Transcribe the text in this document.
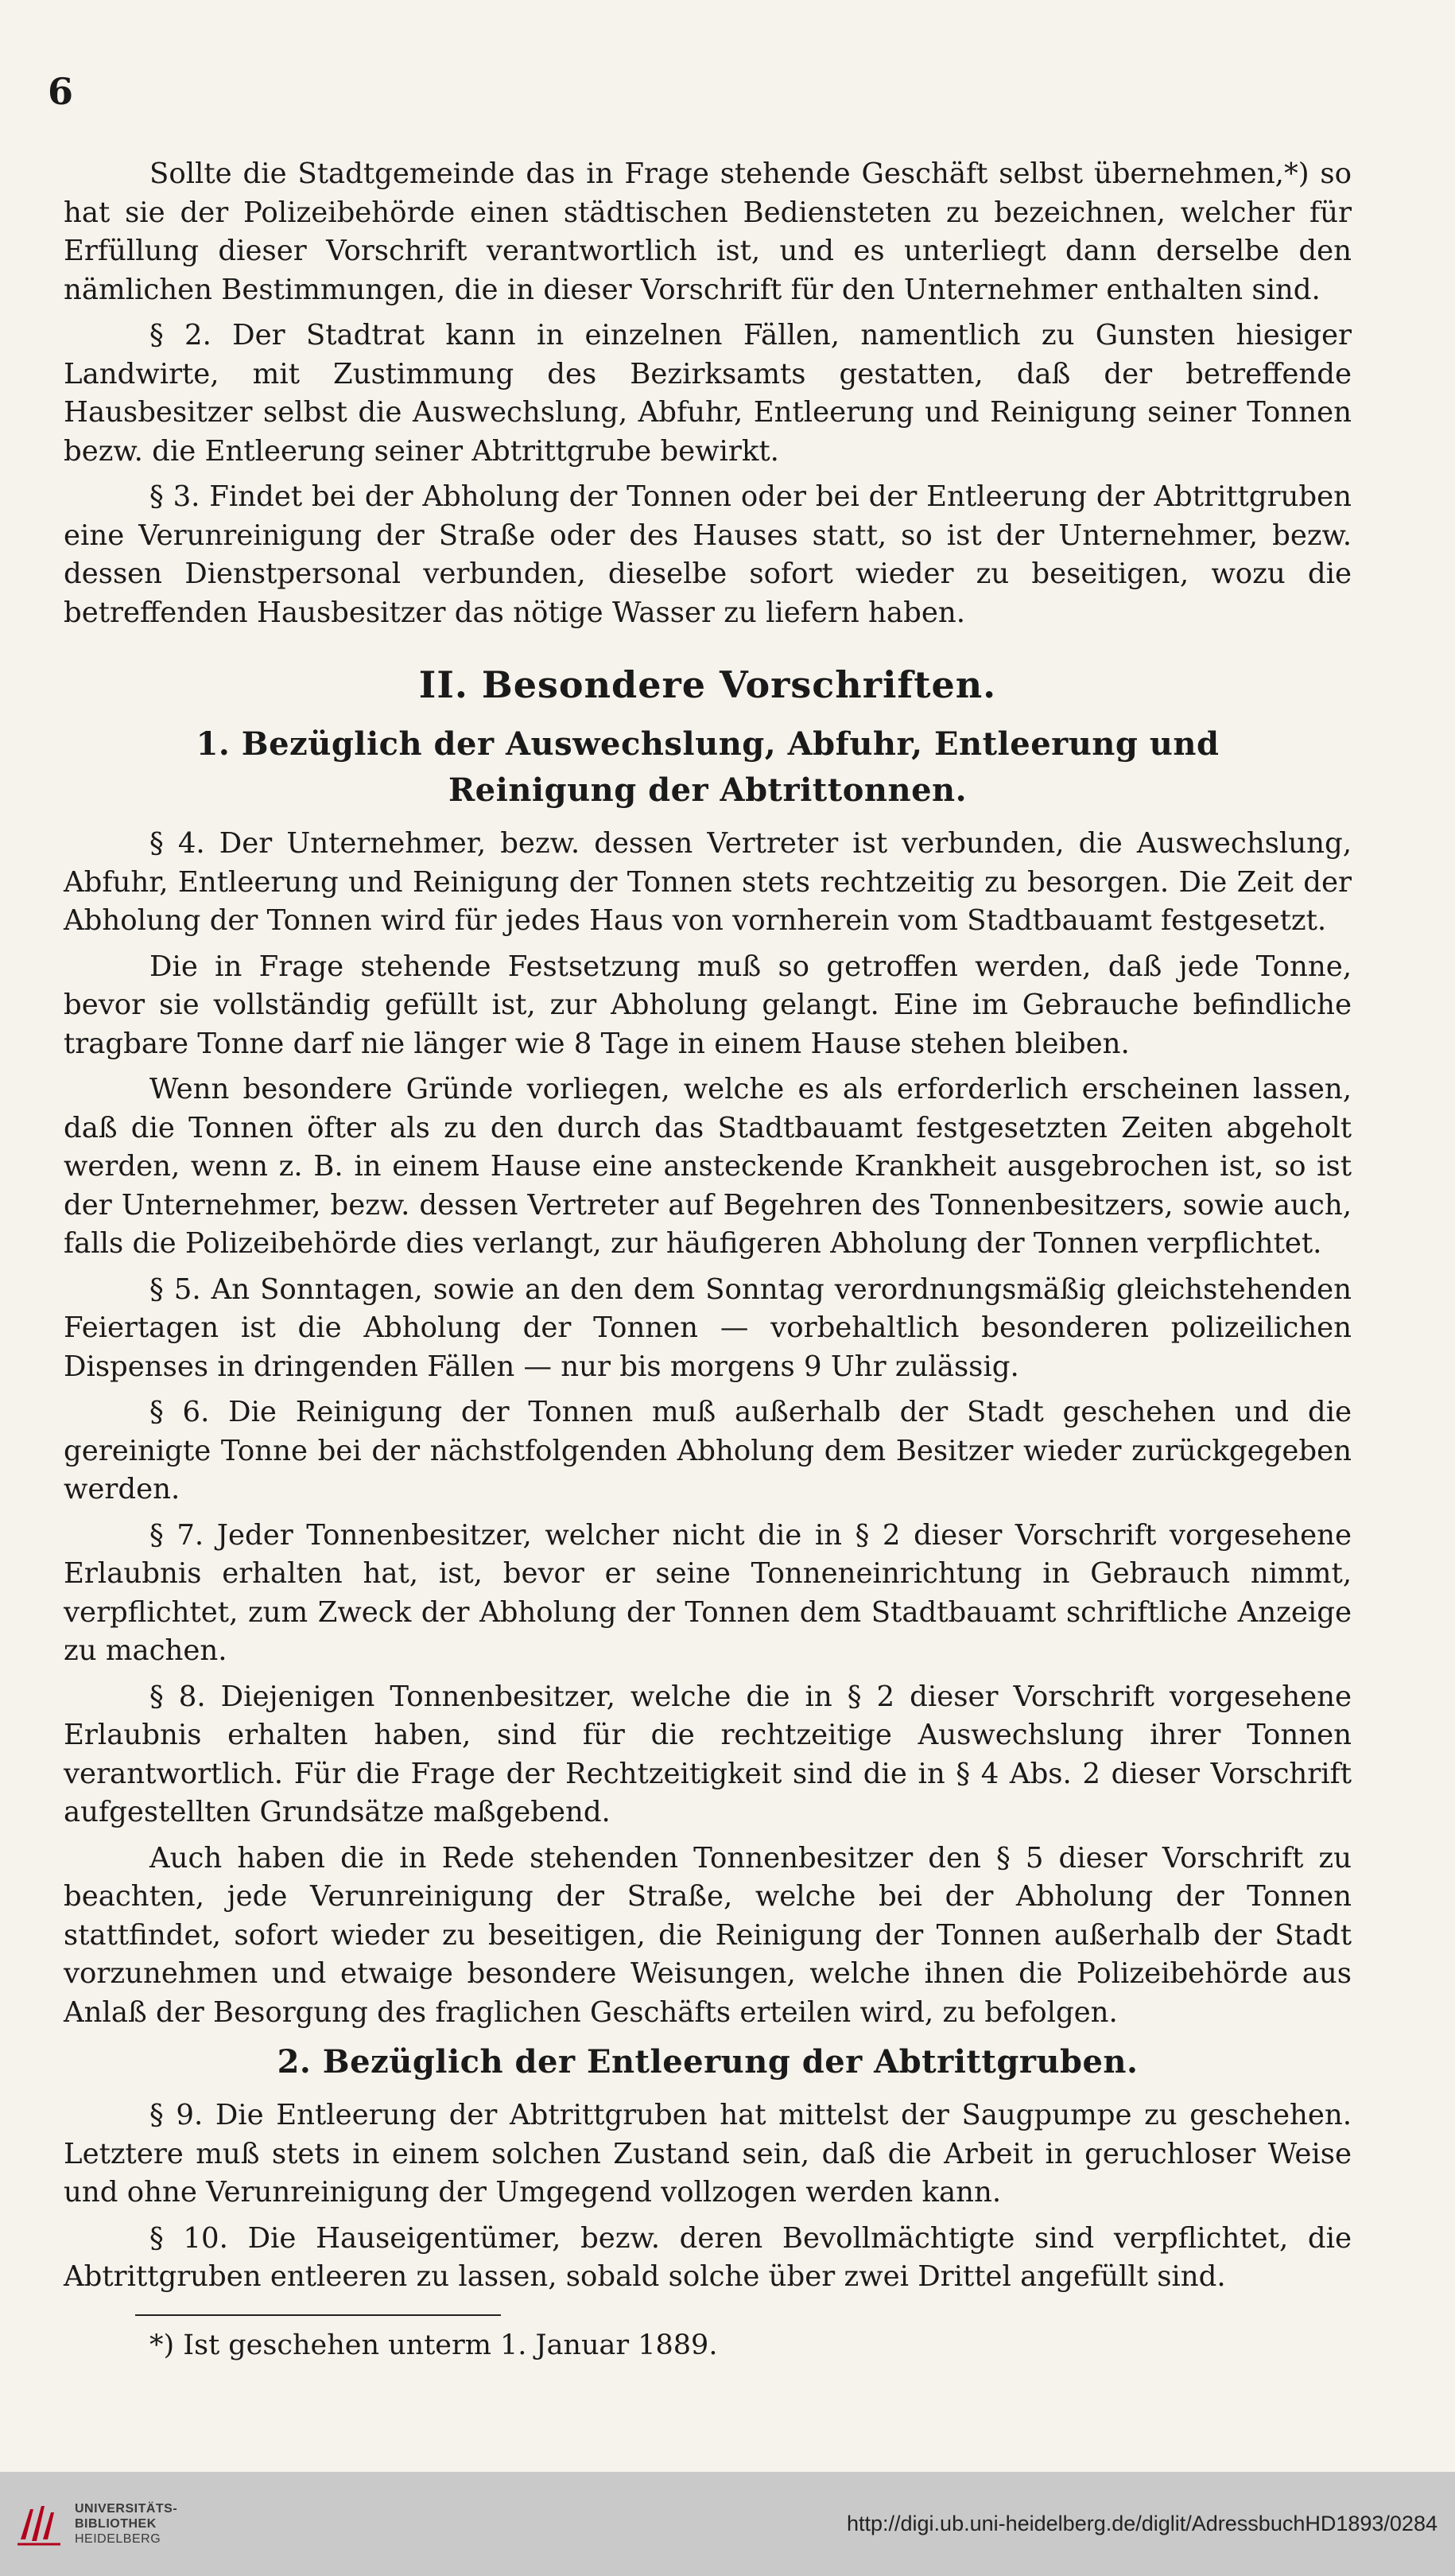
6

Sollte die Stadtgemeinde das in Frage stehende Geschäft selbst übernehmen,*) so hat sie der Polizeibehörde einen städtischen Bediensteten zu bezeichnen, welcher für Erfüllung dieser Vorschrift verantwortlich ist, und es unterliegt dann derselbe den nämlichen Bestimmungen, die in dieser Vorschrift für den Unternehmer enthalten sind.

§ 2. Der Stadtrat kann in einzelnen Fällen, namentlich zu Gunsten hiesiger Landwirte, mit Zustimmung des Bezirksamts gestatten, daß der betreffende Hausbesitzer selbst die Auswechslung, Abfuhr, Entleerung und Reinigung seiner Tonnen bezw. die Entleerung seiner Abtrittgrube bewirkt.

§ 3. Findet bei der Abholung der Tonnen oder bei der Entleerung der Abtrittgruben eine Verunreinigung der Straße oder des Hauses statt, so ist der Unternehmer, bezw. dessen Dienstpersonal verbunden, dieselbe sofort wieder zu beseitigen, wozu die betreffenden Hausbesitzer das nötige Wasser zu liefern haben.

II. Besondere Vorschriften.
1. Bezüglich der Auswechslung, Abfuhr, Entleerung und
Reinigung der Abtrittonnen.

§ 4. Der Unternehmer, bezw. dessen Vertreter ist verbunden, die Auswechslung, Abfuhr, Entleerung und Reinigung der Tonnen stets rechtzeitig zu besorgen. Die Zeit der Abholung der Tonnen wird für jedes Haus von vornherein vom Stadtbauamt festgesetzt.

Die in Frage stehende Festsetzung muß so getroffen werden, daß jede Tonne, bevor sie vollständig gefüllt ist, zur Abholung gelangt. Eine im Gebrauche befindliche tragbare Tonne darf nie länger wie 8 Tage in einem Hause stehen bleiben.

Wenn besondere Gründe vorliegen, welche es als erforderlich erscheinen lassen, daß die Tonnen öfter als zu den durch das Stadtbauamt festgesetzten Zeiten abgeholt werden, wenn z. B. in einem Hause eine ansteckende Krankheit ausgebrochen ist, so ist der Unternehmer, bezw. dessen Vertreter auf Begehren des Tonnenbesitzers, sowie auch, falls die Polizeibehörde dies verlangt, zur häufigeren Abholung der Tonnen verpflichtet.

§ 5. An Sonntagen, sowie an den dem Sonntag verordnungsmäßig gleichstehenden Feiertagen ist die Abholung der Tonnen — vorbehaltlich besonderen polizeilichen Dispenses in dringenden Fällen — nur bis morgens 9 Uhr zulässig.

§ 6. Die Reinigung der Tonnen muß außerhalb der Stadt geschehen und die gereinigte Tonne bei der nächstfolgenden Abholung dem Besitzer wieder zurückgegeben werden.

§ 7. Jeder Tonnenbesitzer, welcher nicht die in § 2 dieser Vorschrift vorgesehene Erlaubnis erhalten hat, ist, bevor er seine Tonneneinrichtung in Gebrauch nimmt, verpflichtet, zum Zweck der Abholung der Tonnen dem Stadtbauamt schriftliche Anzeige zu machen.

§ 8. Diejenigen Tonnenbesitzer, welche die in § 2 dieser Vorschrift vorgesehene Erlaubnis erhalten haben, sind für die rechtzeitige Auswechslung ihrer Tonnen verantwortlich. Für die Frage der Rechtzeitigkeit sind die in § 4 Abs. 2 dieser Vorschrift aufgestellten Grundsätze maßgebend.

Auch haben die in Rede stehenden Tonnenbesitzer den § 5 dieser Vorschrift zu beachten, jede Verunreinigung der Straße, welche bei der Abholung der Tonnen stattfindet, sofort wieder zu beseitigen, die Reinigung der Tonnen außerhalb der Stadt vorzunehmen und etwaige besondere Weisungen, welche ihnen die Polizeibehörde aus Anlaß der Besorgung des fraglichen Geschäfts erteilen wird, zu befolgen.

2. Bezüglich der Entleerung der Abtrittgruben.

§ 9. Die Entleerung der Abtrittgruben hat mittelst der Saugpumpe zu geschehen. Letztere muß stets in einem solchen Zustand sein, daß die Arbeit in geruchloser Weise und ohne Verunreinigung der Umgegend vollzogen werden kann.

§ 10. Die Hauseigentümer, bezw. deren Bevollmächtigte sind verpflichtet, die Abtrittgruben entleeren zu lassen, sobald solche über zwei Drittel angefüllt sind.

*) Ist geschehen unterm 1. Januar 1889.

UNIVERSITÄTS-
BIBLIOTHEK
HEIDELBERG
http://digi.ub.uni-heidelberg.de/diglit/AdressbuchHD1893/0284
